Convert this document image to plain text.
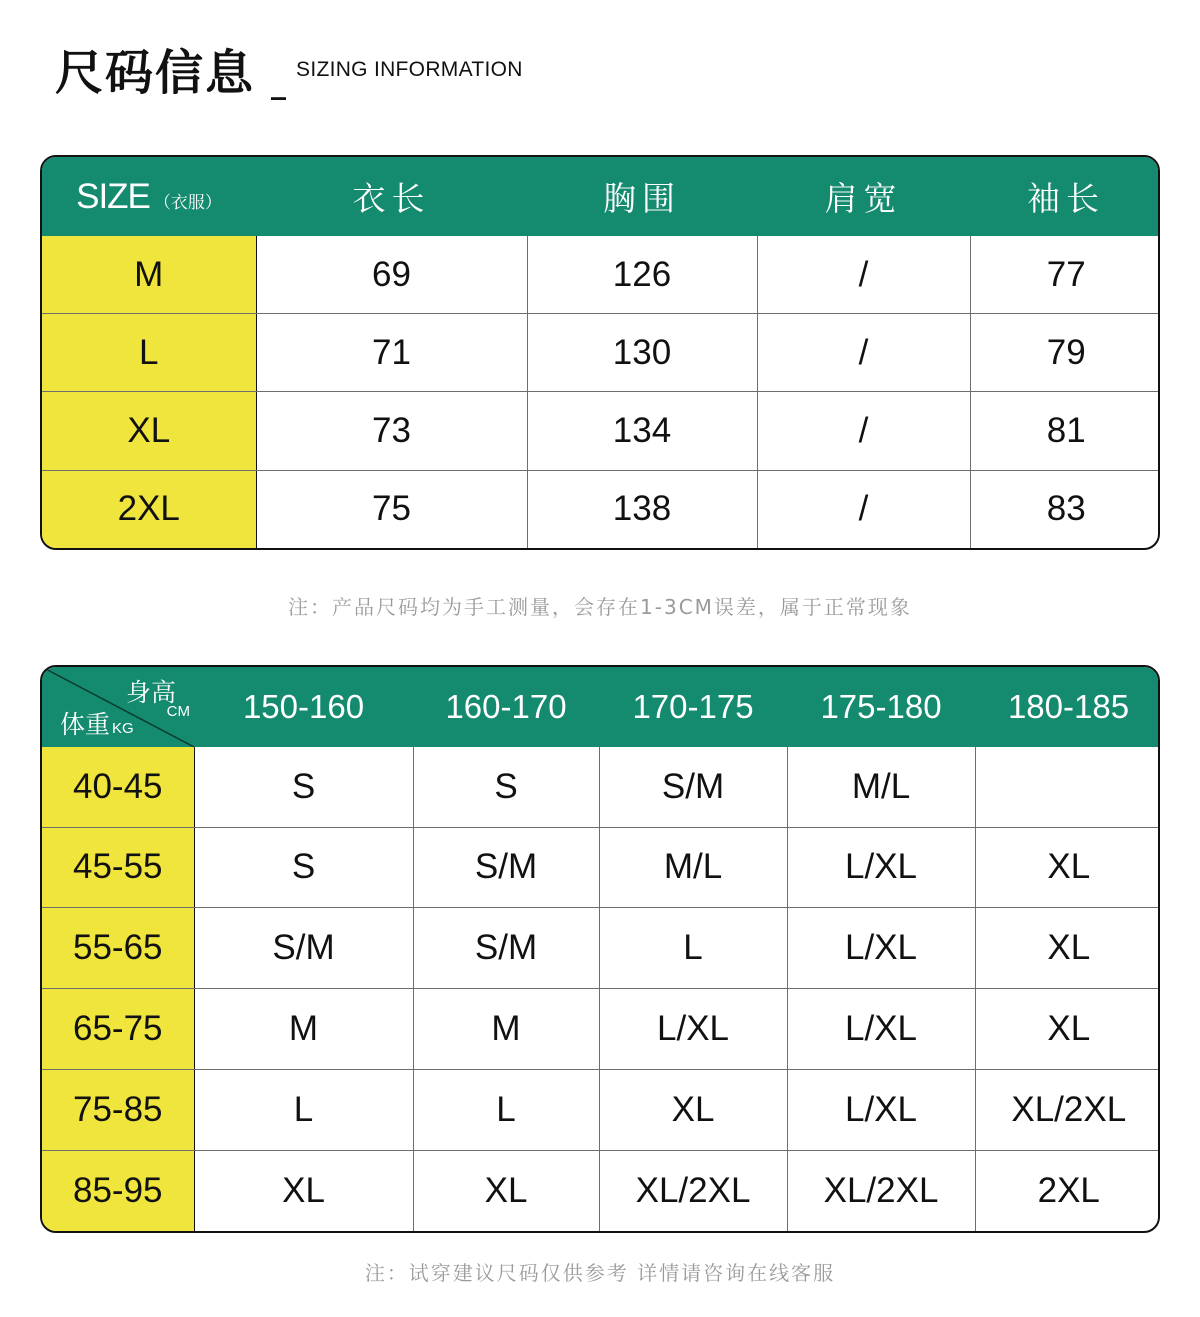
尺码信息 _ SIZING INFORMATION
SIZE （衣服）	衣长	胸围	肩宽	袖长
M	69	126	/	77
L	71	130	/	79
XL	73	134	/	81
2XL	75	138	/	83
注：产品尺码均为手工测量，会存在1-3CM误差，属于正常现象
身高
CM
体重 KG	150-160	160-170	170-175	175-180	180-185
40-45	S	S	S/M	M/L	
45-55	S	S/M	M/L	L/XL	XL
55-65	S/M	S/M	L	L/XL	XL
65-75	M	M	L/XL	L/XL	XL
75-85	L	L	XL	L/XL	XL/2XL
85-95	XL	XL	XL/2XL	XL/2XL	2XL
注：试穿建议尺码仅供参考 详情请咨询在线客服
